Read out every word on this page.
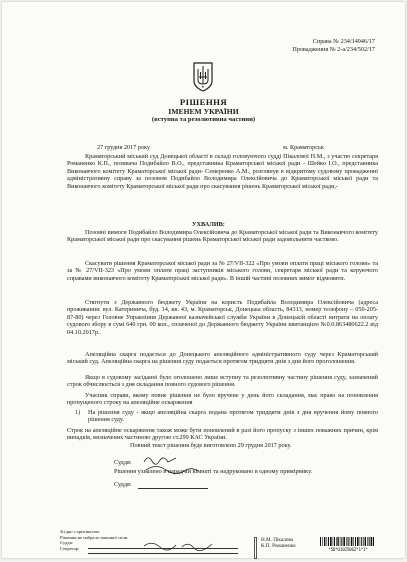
Справа № 234/14946/17
Провадження № 2-а/234/502/17
РІШЕННЯ
ІМЕНЕМ УКРАЇНИ
(вступна та резолютивна частини)
27 грудня 2017 року	м. Краматорськ
Краматорський міський суд Донецької області в складі головуючого судді Пікалової Н.М., з участю секретаря Романенко К.П., позивача Подибайло В.О., представника Краматорської міської ради - Шейко І.О., представника Виконавчого комітету Краматорської міської ради- Семеренко А.М., розглянув в відкритому судовому провадженні адміністративну справу за позовом Подибайло Володимира Олексійовича до Краматорської міської ради та Виконавчого комітету Краматорської міської ради про скасування рішень Краматорської міської ради,-
УХВАЛИВ:
Позовні вимоги Подибайло Володимира Олексійовича до Краматорської міської ради та Виконавчого комітету Краматорської міської ради про скасування рішень Краматорської міської ради задовольнити частково.
Скасувати рішення Краматорської міської ради за № 27/VII-322 «Про умови оплати праці міського голови» та за № 27/VII-323 «Про умови оплати праці заступників міського голови, секретаря міської ради та керуючого справами виконавчого комітету Краматорської міської ради». В іншій частині позовних вимог відмовити.
Стягнути з Державного бюджету України на користь Подибайла Володимира Олексійовича (адреса проживання: вул. Катеринича, буд. 14, кв. 43, м. Краматорськ, Донецька область, 84313, номер телефону – 050-205-87-80) через Головне Управління Державної казначейської служби України в Донецькій області витрати на оплату судового збору в сумі 640 грн. 00 коп., сплаченої до Державного бюджету України квитанцією №0.0.863480622.2 від 04.10.2017р..
Апеляційна скарга подається до Донецького апеляційного адміністративного суду через Краматорський міський суд. Апеляційна скарга на рішення суду подається протягом тридцяти днів з дня його проголошення.
Якщо в судовому засіданні було оголошено лише вступну та резолютивну частину рішення суду, зазначений строк обчислюється з дня складання повного судового рішення.
Учасник справи, якому повне рішення не було вручене у день його складання, має право на поновлення пропущеного строку на апеляційне оскарження
1) На рішення суду - якщо апеляційна скарга подана протягом тридцяти днів з дня вручення йому повного рішення суду.
Строк на апеляційне оскарження також може бути поновлений в разі його пропуску з інших поважних причин, крім випадків, визначених частиною другою ст.299 КАС України.
Повний текст рішення буде виготовлено 29 грудня 2017 року.
Суддя:
Рішення ухвалено в нарадчій кімнаті та надруковано в одному примірнику.
Суддя:
Згідно з оригіналом.
Рішення не набрало законної сили.
Суддя:
Секретар:
Н.М. Пікалова
К.П. Романенко
*5D*U102506Z*1*1*
